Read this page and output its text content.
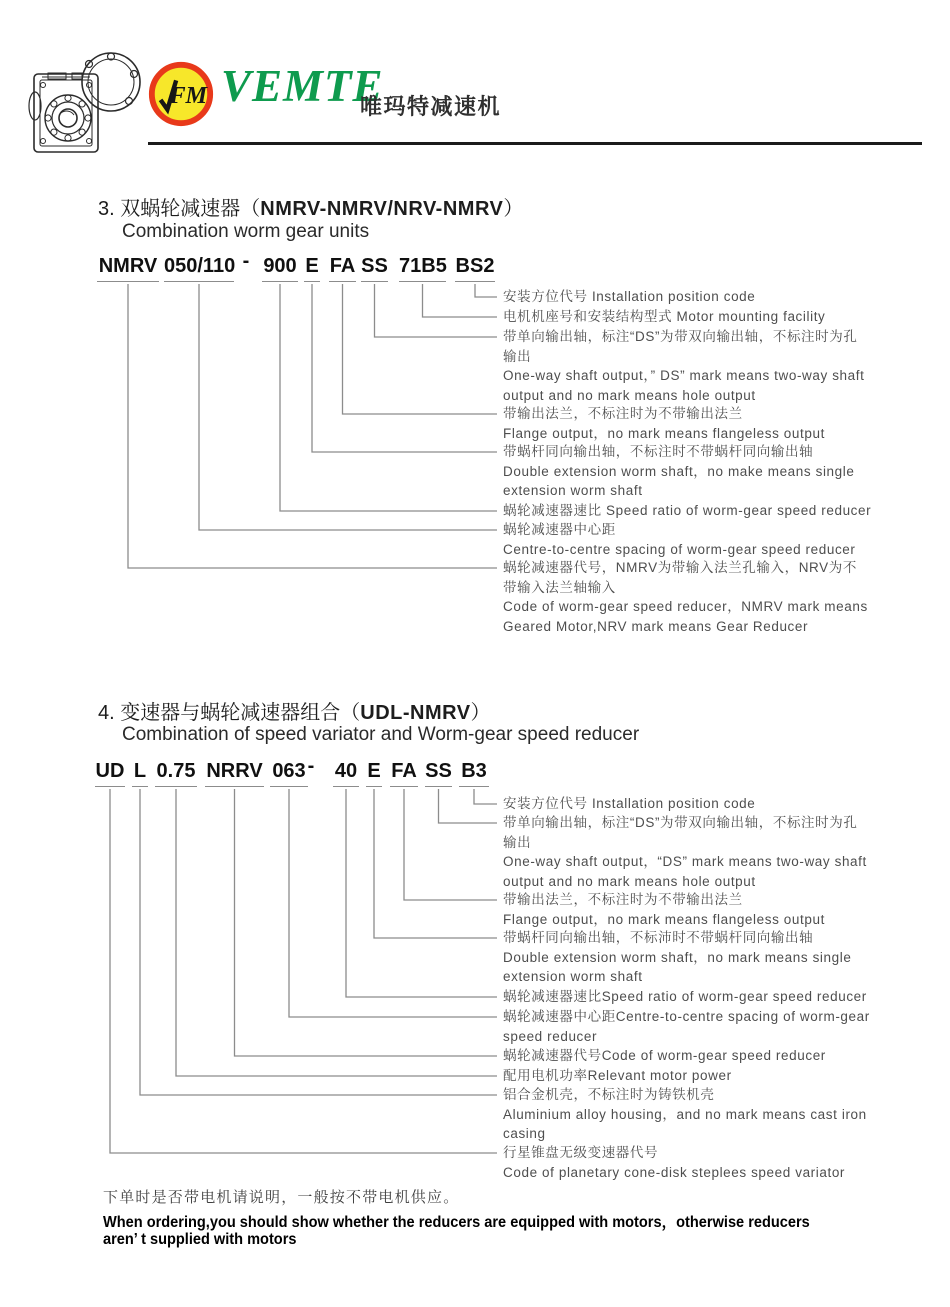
FM VEMTE
唯玛特减速机
3. 双蜗轮减速器（NMRV-NMRV/NRV-NMRV）
Combination worm gear units
NMRV 050/110 - 900 E FA SS 71B5 BS2
4. 变速器与蜗轮减速器组合（UDL-NMRV）
Combination of speed variator and Worm-gear speed reducer
UD L 0.75 NRRV 063 - 40 E FA SS B3
安装方位代号 Installation position code
电机机座号和安装结构型式 Motor mounting facility
带单向输出轴，标注“DS”为带双向输出轴，不标注时为孔
输出
One-way shaft output，” DS” mark means two-way shaft
output and no mark means hole output
带输出法兰，不标注时为不带输出法兰
Flange output，no mark means flangeless output
带蜗杆同向输出轴，不标注时不带蜗杆同向输出轴
Double extension worm shaft，no make means single
extension worm shaft
蜗轮减速器速比 Speed ratio of worm-gear speed reducer
蜗轮减速器中心距
Centre-to-centre spacing of worm-gear speed reducer
蜗轮减速器代号，NMRV为带输入法兰孔输入，NRV为不
带输入法兰轴输入
Code of worm-gear speed reducer，NMRV mark means
Geared Motor,NRV mark means Gear Reducer
安装方位代号 Installation position code
带单向输出轴，标注“DS”为带双向输出轴，不标注时为孔
输出
One-way shaft output，“DS” mark means two-way shaft
output and no mark means hole output
带输出法兰，不标注时为不带输出法兰
Flange output，no mark means flangeless output
带蜗杆同向输出轴，不标沛时不带蜗杆同向输出轴
Double extension worm shaft，no mark means single
extension worm shaft
蜗轮减速器速比Speed ratio of worm-gear speed reducer
蜗轮减速器中心距Centre-to-centre spacing of worm-gear
speed reducer
蜗轮减速器代号Code of worm-gear speed reducer
配用电机功率Relevant motor power
铝合金机壳，不标注时为铸铁机壳
Aluminium alloy housing，and no mark means cast iron
casing
行星锥盘无级变速器代号
Code of planetary cone-disk steplees speed variator
下单时是否带电机请说明，一般按不带电机供应。
When ordering,you should show whether the reducers are equipped with motors，otherwise reducers
aren’ t supplied with motors
